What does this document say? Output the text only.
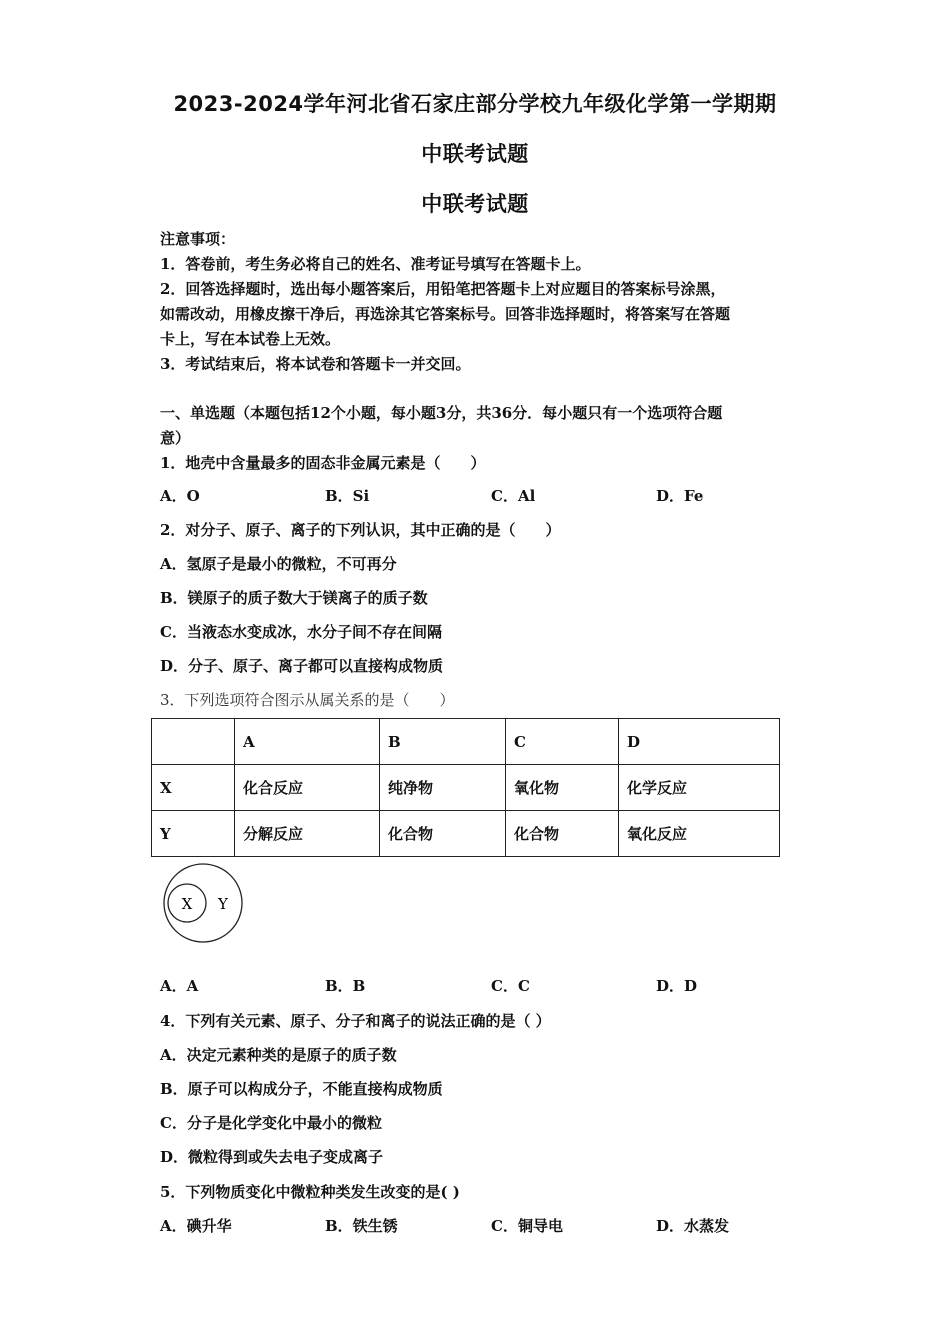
2023-2024学年河北省石家庄部分学校九年级化学第一学期期
中联考试题
中联考试题
注意事项：
1．答卷前，考生务必将自己的姓名、准考证号填写在答题卡上。
2．回答选择题时，选出每小题答案后，用铅笔把答题卡上对应题目的答案标号涂黑，
如需改动，用橡皮擦干净后，再选涂其它答案标号。回答非选择题时，将答案写在答题
卡上，写在本试卷上无效。
3．考试结束后，将本试卷和答题卡一并交回。
一、单选题（本题包括12个小题，每小题3分，共36分．每小题只有一个选项符合题
意）
1．地壳中含量最多的固态非金属元素是（　　）
A．O	B．Si	C．Al	D．Fe
2．对分子、原子、离子的下列认识，其中正确的是（　　）
A．氢原子是最小的微粒，不可再分
B．镁原子的质子数大于镁离子的质子数
C．当液态水变成冰，水分子间不存在间隔
D．分子、原子、离子都可以直接构成物质
3．下列选项符合图示从属关系的是（　　）
	A	B	C	D
X	化合反应	纯净物	氧化物	化学反应
Y	分解反应	化合物	化合物	氧化反应
X Y
A．A	B．B	C．C	D．D
4．下列有关元素、原子、分子和离子的说法正确的是（ ）
A．决定元素种类的是原子的质子数
B．原子可以构成分子，不能直接构成物质
C．分子是化学变化中最小的微粒
D．微粒得到或失去电子变成离子
5．下列物质变化中微粒种类发生改变的是( )
A．碘升华	B．铁生锈	C．铜导电	D．水蒸发
